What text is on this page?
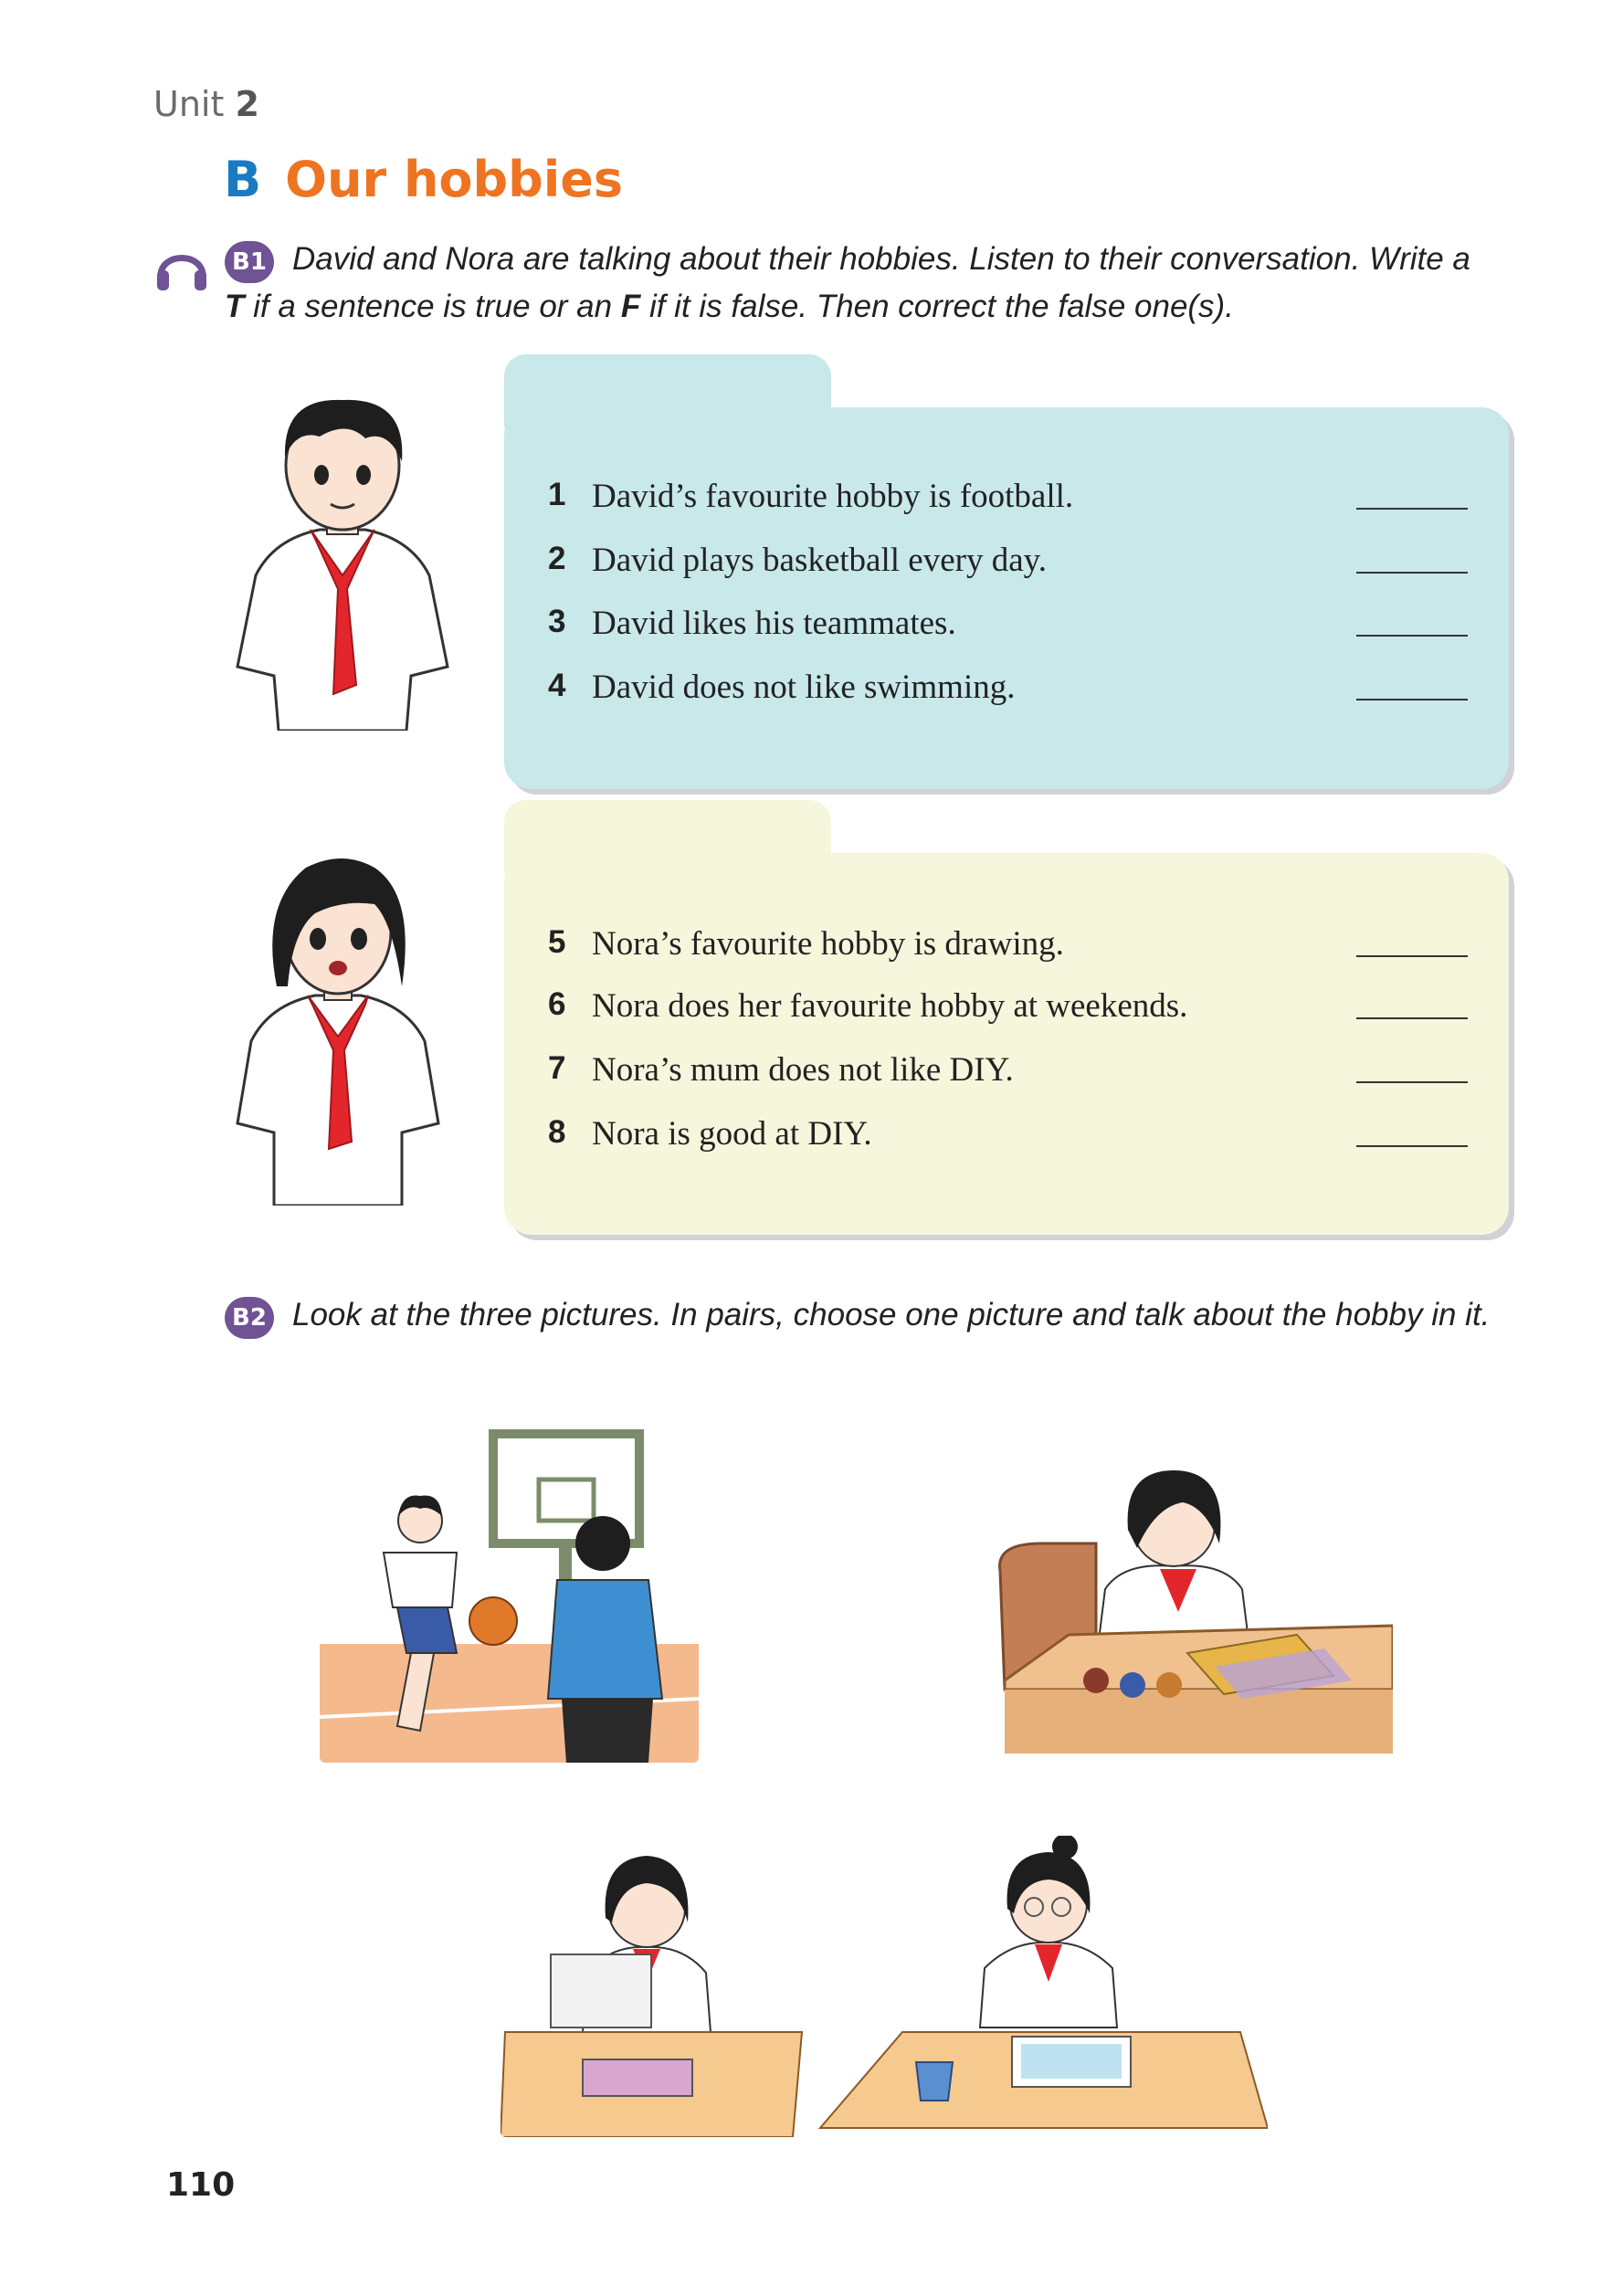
Unit 2
B Our hobbies
B1 David and Nora are talking about their hobbies. Listen to their conversation. Write a
T if a sentence is true or an F if it is false. Then correct the false one(s).
1 David’s favourite hobby is football.
2 David plays basketball every day.
3 David likes his teammates.
4 David does not like swimming.
5 Nora’s favourite hobby is drawing.
6 Nora does her favourite hobby at weekends.
7 Nora’s mum does not like DIY.
8 Nora is good at DIY.
B2 Look at the three pictures. In pairs, choose one picture and talk about the hobby in it.
110
